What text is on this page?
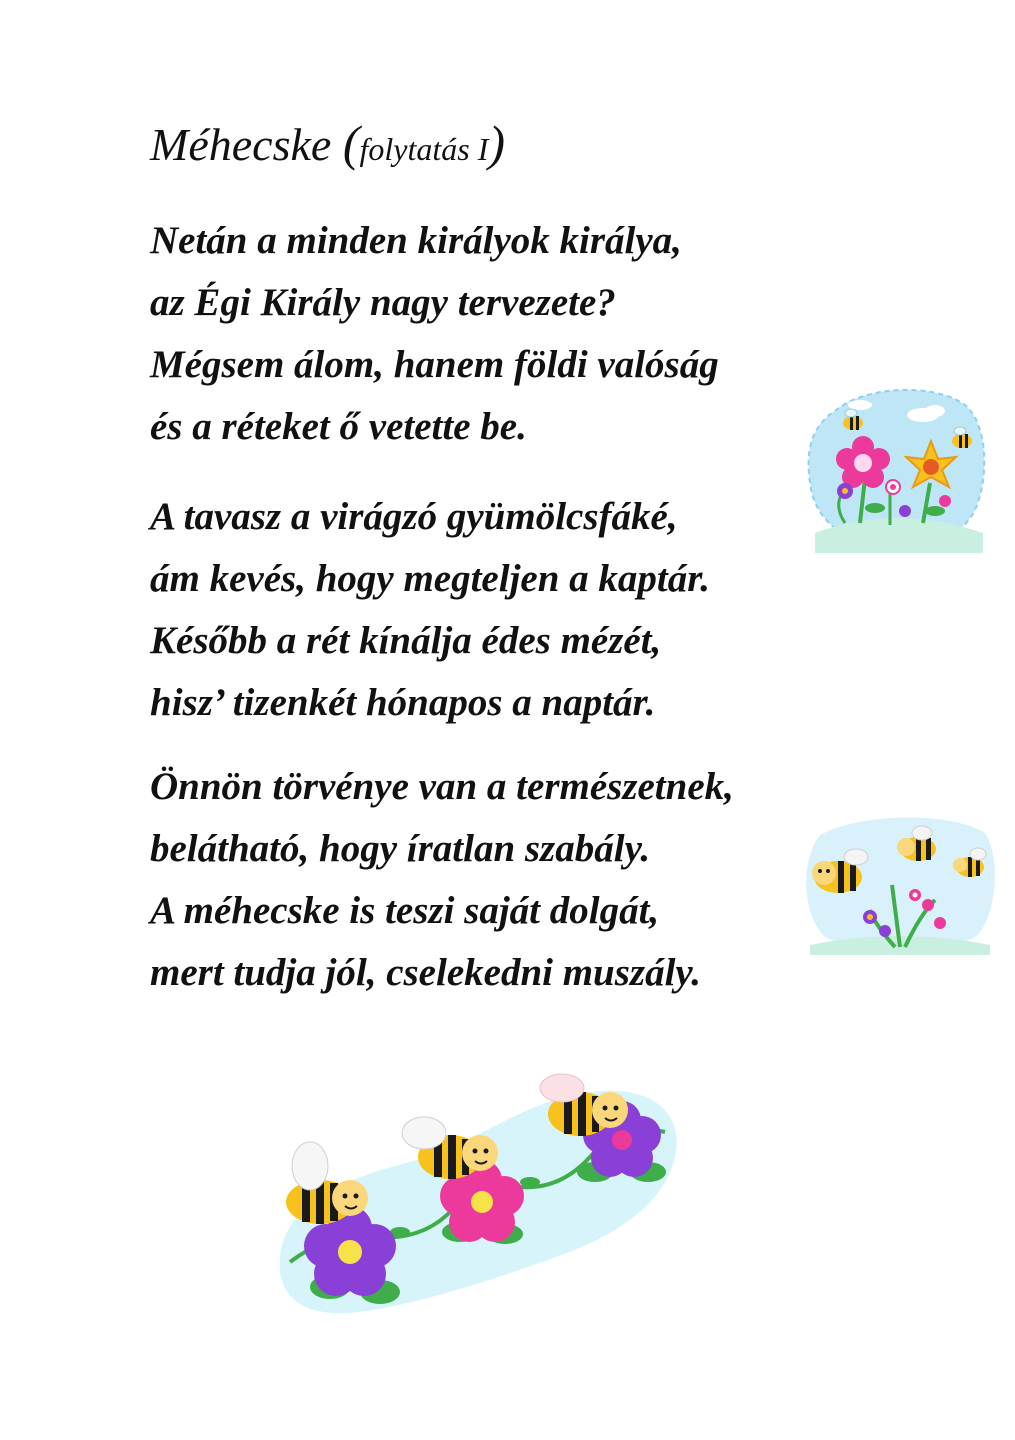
Méhecske (folytatás I)

Netán a minden királyok királya,
az Égi Király nagy tervezete?
Mégsem álom, hanem földi valóság
és a réteket ő vetette be.

A tavasz a virágzó gyümölcsfáké,
ám kevés, hogy megteljen a kaptár.
Később a rét kínálja édes mézét,
hisz’ tizenkét hónapos a naptár.

Önnön törvénye van a természetnek,
belátható, hogy íratlan szabály.
A méhecske is teszi saját dolgát,
mert tudja jól, cselekedni muszály.
